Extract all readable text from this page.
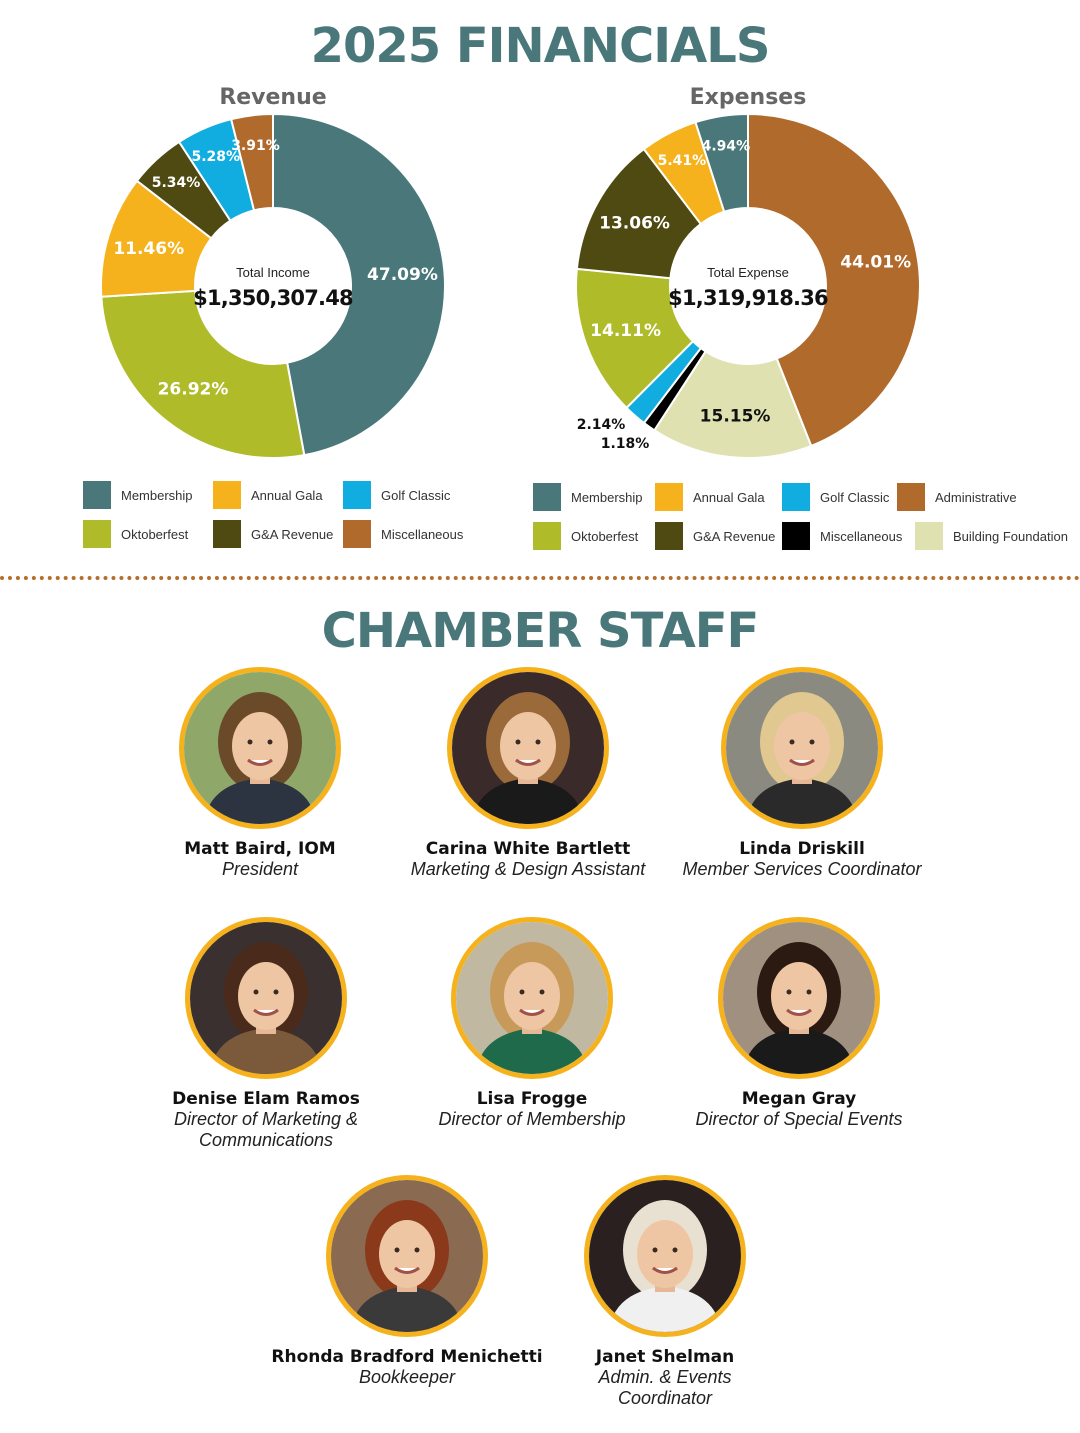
2025 FINANCIALS
Revenue
47.09%
26.92%
11.46%
5.34%
5.28%
3.91%
Total Income
$1,350,307.48
Expenses
44.01%
15.15%
1.18%
2.14%
14.11%
13.06%
5.41%
4.94%
Total Expense
$1,319,918.36
Membership	Annual Gala	Golf Classic
Oktoberfest	G&A Revenue	Miscellaneous
Membership	Annual Gala	Golf Classic	Administrative
Oktoberfest	G&A Revenue	Miscellaneous	Building Foundation
CHAMBER STAFF
Matt Baird, IOM
President
Carina White Bartlett
Marketing & Design Assistant
Linda Driskill
Member Services Coordinator
Denise Elam Ramos
Director of Marketing &
Communications
Lisa Frogge
Director of Membership
Megan Gray
Director of Special Events
Rhonda Bradford Menichetti
Bookkeeper
Janet Shelman
Admin. & Events
Coordinator
